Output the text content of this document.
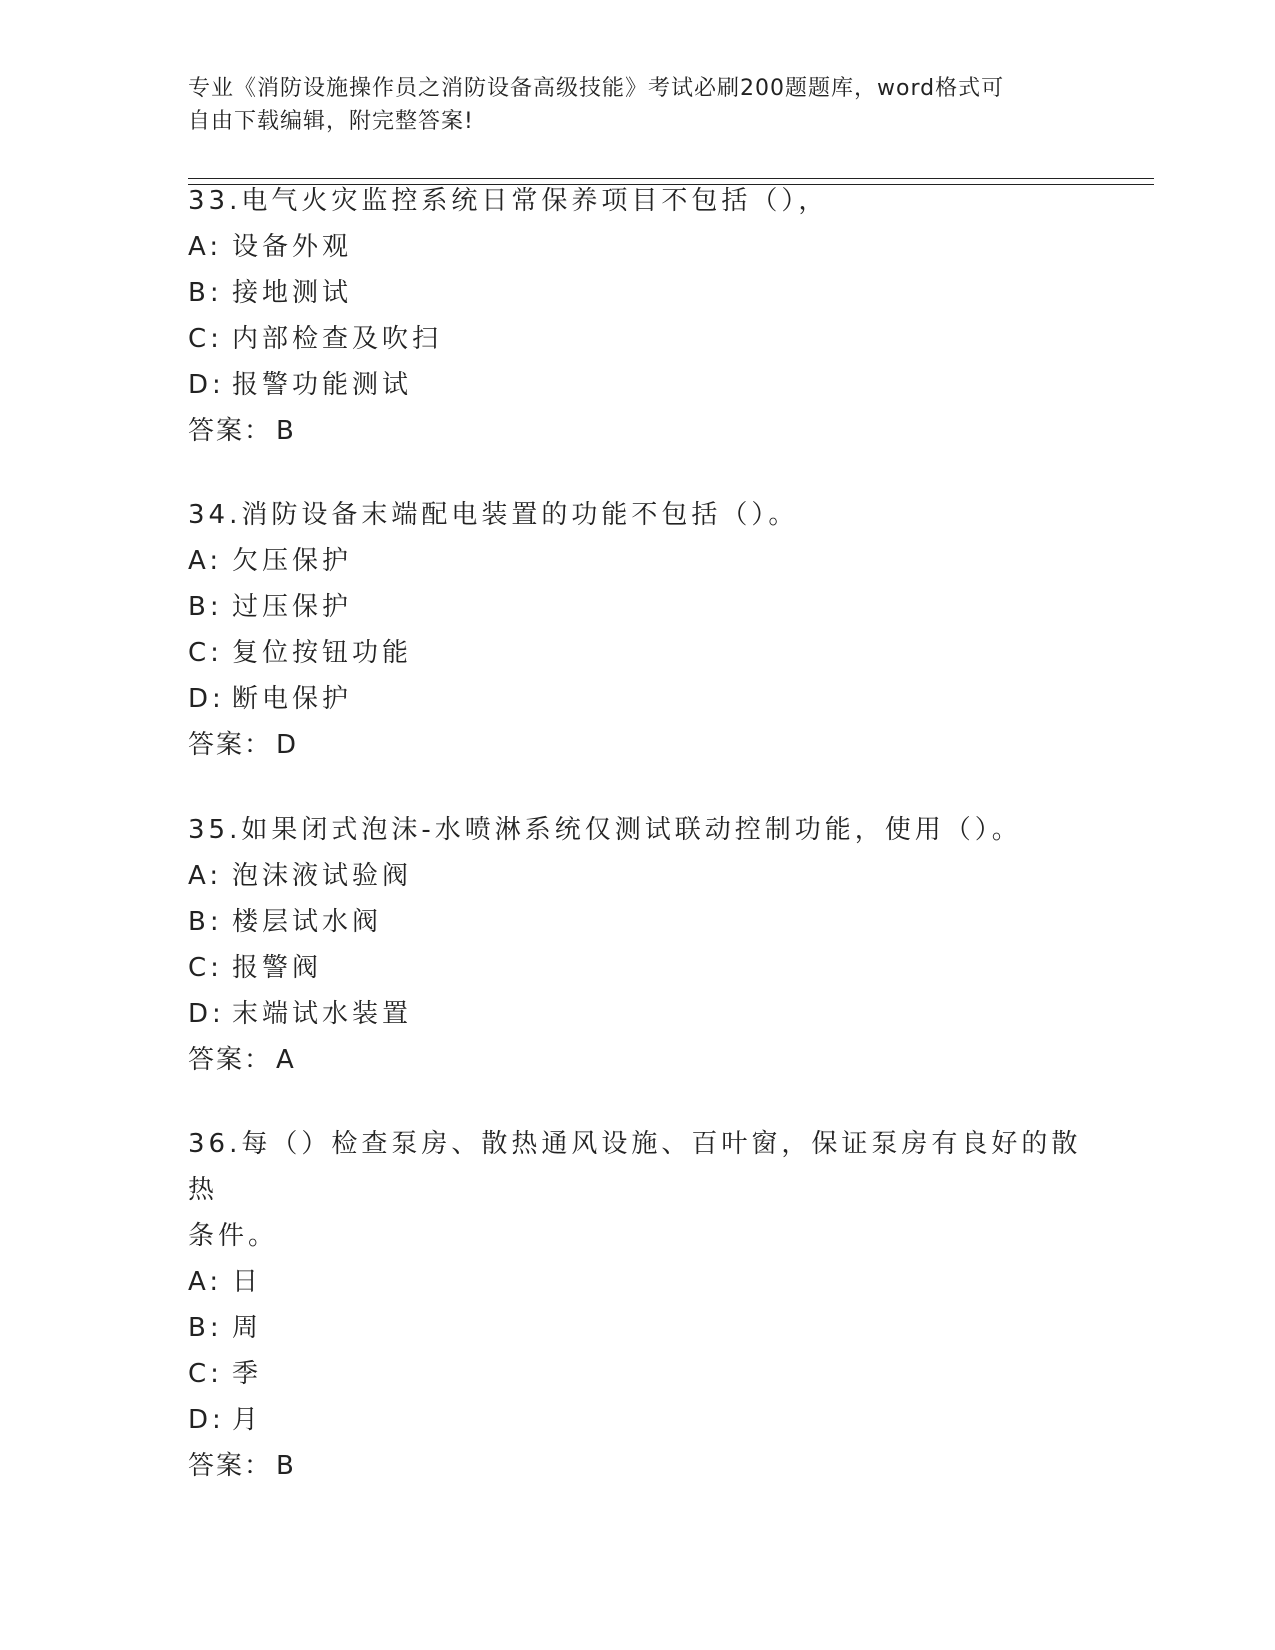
专业《消防设施操作员之消防设备高级技能》考试必刷200题题库，word格式可
自由下载编辑，附完整答案!
33.电气火灾监控系统日常保养项目不包括（），
A: 设备外观
B: 接地测试
C: 内部检查及吹扫
D: 报警功能测试
答案： B
34.消防设备末端配电装置的功能不包括（）。
A: 欠压保护
B: 过压保护
C: 复位按钮功能
D: 断电保护
答案： D
35.如果闭式泡沫-水喷淋系统仅测试联动控制功能，使用（）。
A: 泡沫液试验阀
B: 楼层试水阀
C: 报警阀
D: 末端试水装置
答案： A
36.每（）检查泵房、散热通风设施、百叶窗，保证泵房有良好的散热
条件。
A: 日
B: 周
C: 季
D: 月
答案： B
